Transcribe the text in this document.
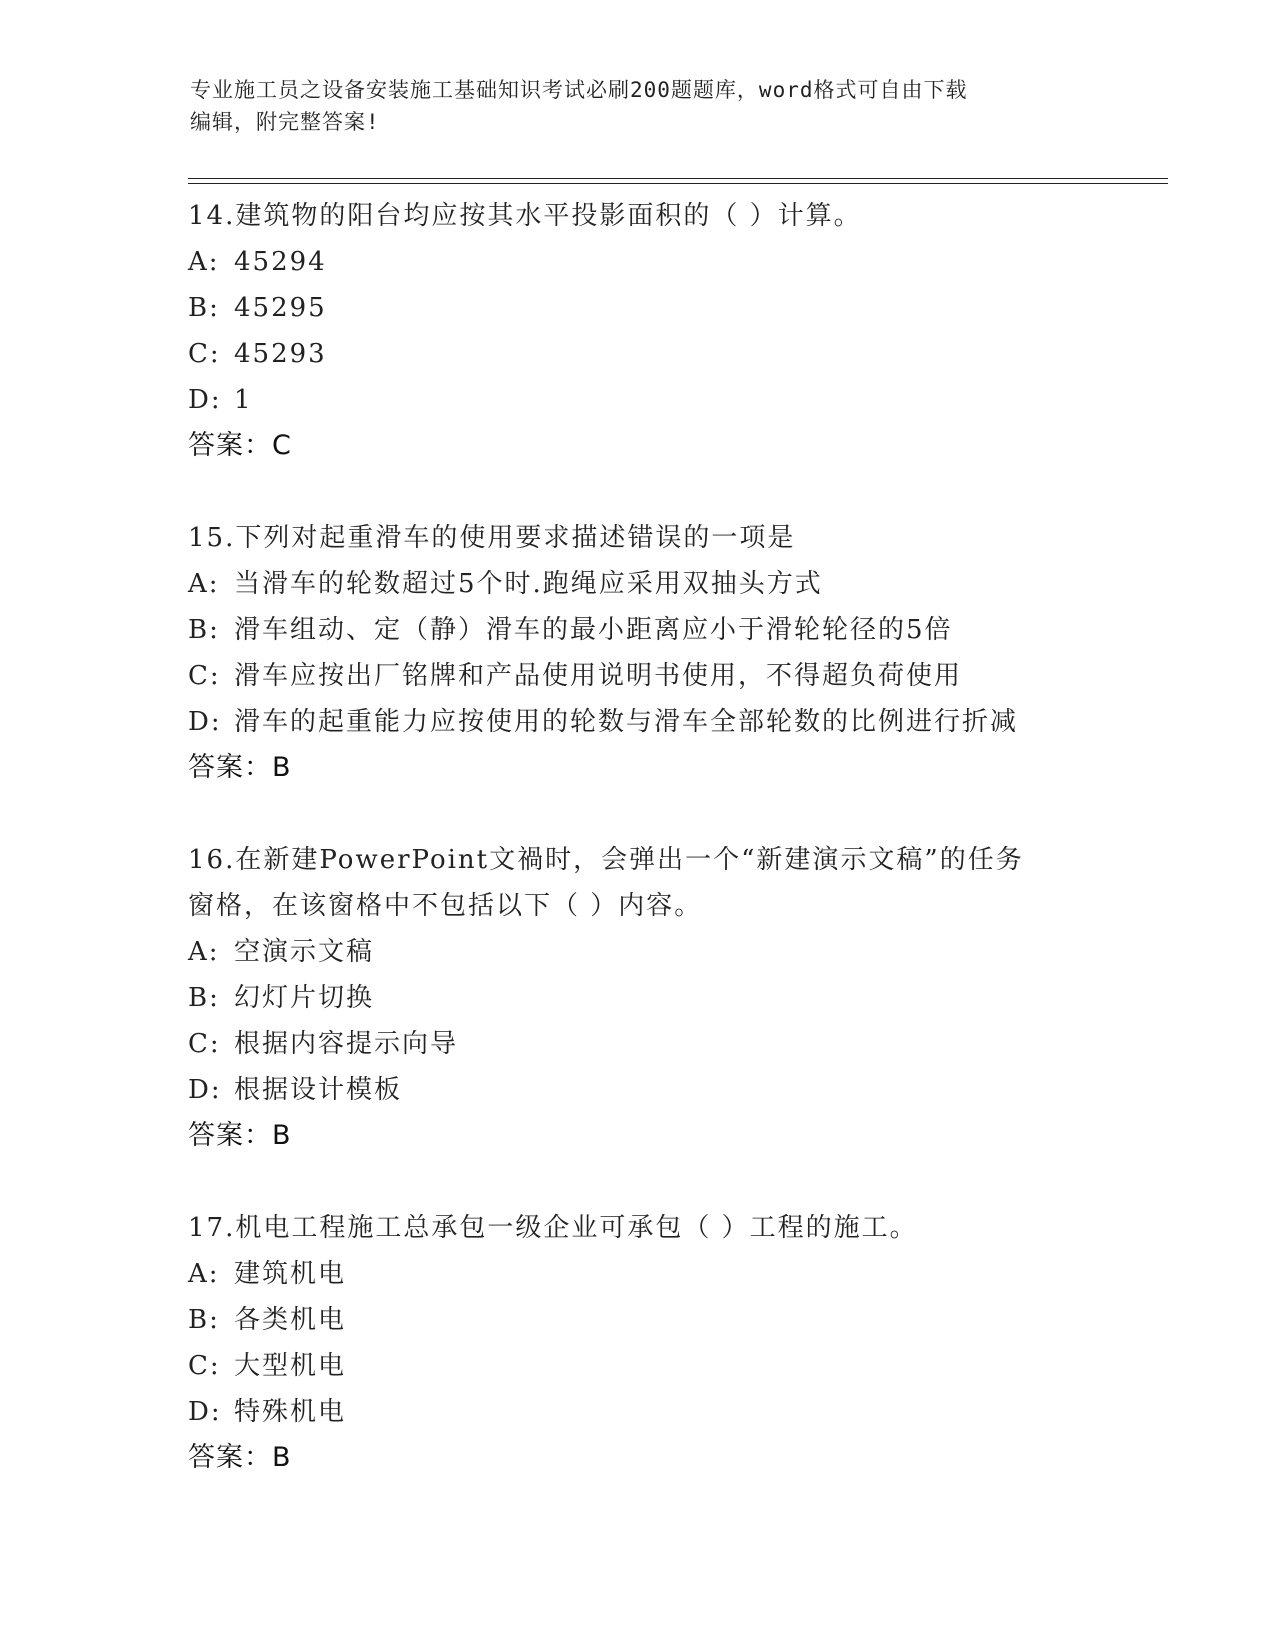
专业施工员之设备安装施工基础知识考试必刷200题题库，word格式可自由下载
编辑，附完整答案!
14.建筑物的阳台均应按其水平投影面积的（ ）计算。
A: 45294
B: 45295
C: 45293
D: 1
答案：C
15.下列对起重滑车的使用要求描述错误的一项是
A: 当滑车的轮数超过5个时.跑绳应采用双抽头方式
B: 滑车组动、定（静）滑车的最小距离应小于滑轮轮径的5倍
C: 滑车应按出厂铭牌和产品使用说明书使用，不得超负荷使用
D: 滑车的起重能力应按使用的轮数与滑车全部轮数的比例进行折减
答案：B
16.在新建PowerPoint文禍时，会弹出一个“新建演示文稿”的任务
窗格，在该窗格中不包括以下（ ）内容。
A: 空演示文稿
B: 幻灯片切换
C: 根据内容提示向导
D: 根据设计模板
答案：B
17.机电工程施工总承包一级企业可承包（ ）工程的施工。
A: 建筑机电
B: 各类机电
C: 大型机电
D: 特殊机电
答案：B
